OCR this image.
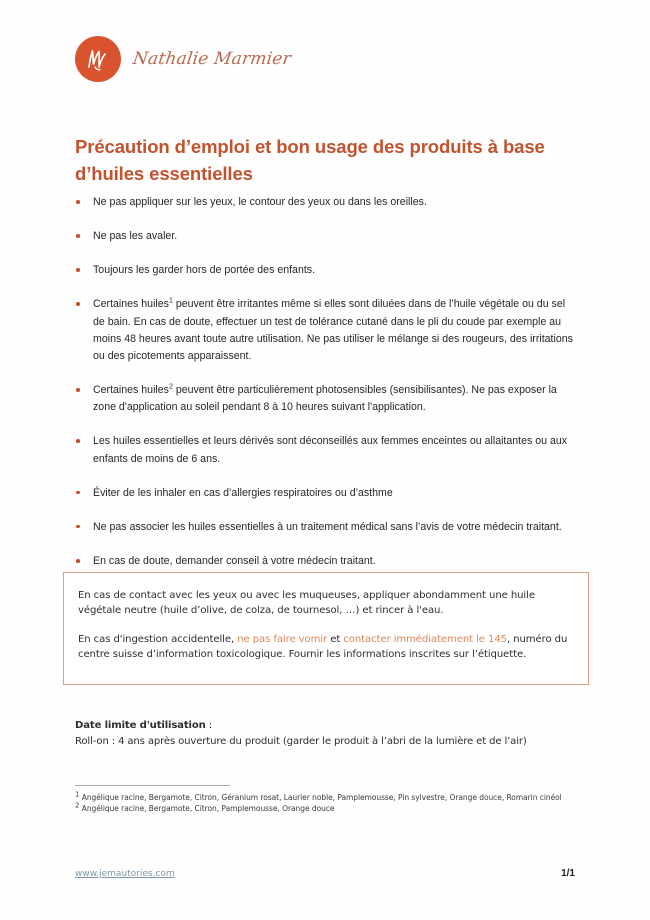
Nathalie Marmier
Précaution d’emploi et bon usage des produits à base d’huiles essentielles
Ne pas appliquer sur les yeux, le contour des yeux ou dans les oreilles.
Ne pas les avaler.
Toujours les garder hors de portée des enfants.
Certaines huiles$^1$ peuvent être irritantes même si elles sont diluées dans de l’huile végétale ou du sel de bain. En cas de doute, effectuer un test de tolérance cutané dans le pli du coude par exemple au moins 48 heures avant toute autre utilisation. Ne pas utiliser le mélange si des rougeurs, des irritations ou des picotements apparaissent.
Certaines huiles$^2$ peuvent être particulièrement photosensibles (sensibilisantes). Ne pas exposer la zone d'application au soleil pendant 8 à 10 heures suivant l'application.
Les huiles essentielles et leurs dérivés sont déconseillés aux femmes enceintes ou allaitantes ou aux enfants de moins de 6 ans.
Éviter de les inhaler en cas d’allergies respiratoires ou d’asthme
Ne pas associer les huiles essentielles à un traitement médical sans l’avis de votre médecin traitant.
En cas de doute, demander conseil à votre médecin traitant.

En cas de contact avec les yeux ou avec les muqueuses, appliquer abondamment une huile végétale neutre (huile d’olive, de colza, de tournesol, …) et rincer à l'eau.

En cas d'ingestion accidentelle, ne pas faire vomir et contacter immédiatement le 145, numéro du centre suisse d’information toxicologique. Fournir les informations inscrites sur l’étiquette.

Date limite d'utilisation :
Roll-on : 4 ans après ouverture du produit (garder le produit à l’abri de la lumière et de l’air)

$^1$ Angélique racine, Bergamote, Citron, Géranium rosat, Laurier noble, Pamplemousse, Pin sylvestre, Orange douce, Romarin cinéol

$^2$ Angélique racine, Bergamote, Citron, Pamplemousse, Orange douce

www.jemautories.com	1/1
